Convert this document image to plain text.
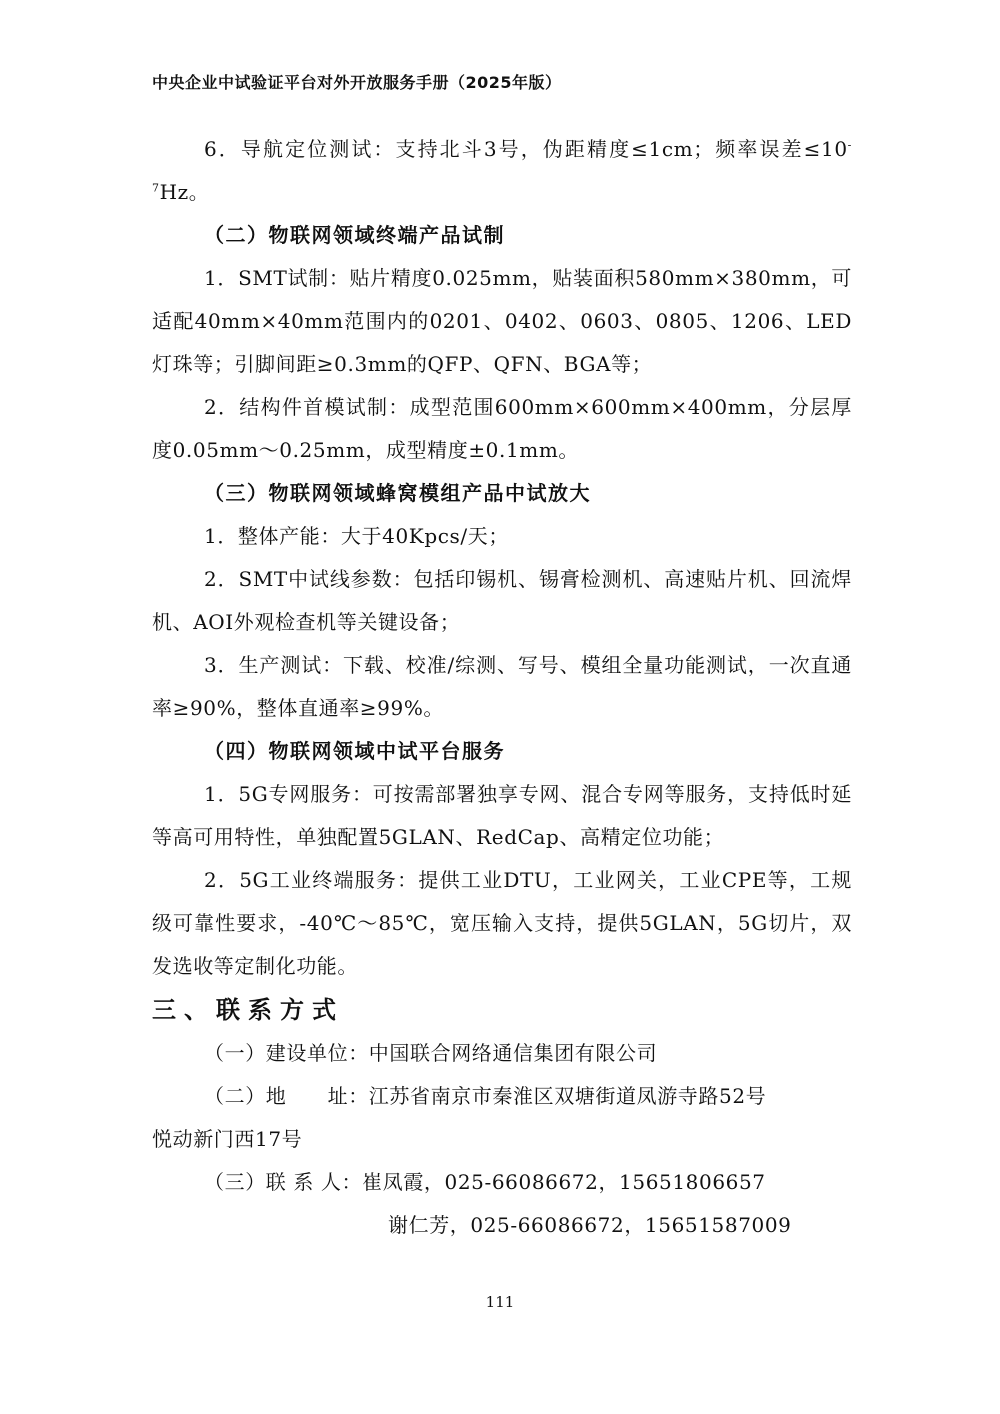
中央企业中试验证平台对外开放服务手册（2025年版）

6．导航定位测试：支持北斗3号，伪距精度≤1cm；频率误差$\le 10^{-7}Hz$。

（二）物联网领域终端产品试制

1．SMT试制：贴片精度0.025mm，贴装面积580mm×380mm，可适配40mm×40mm范围内的0201、0402、0603、0805、1206、LED灯珠等；引脚间距≥0.3mm的QFP、QFN、BGA等；

2．结构件首模试制：成型范围600mm×600mm×400mm，分层厚度0.05mm～0.25mm，成型精度±0.1mm。

（三）物联网领域蜂窝模组产品中试放大

1．整体产能：大于40Kpcs/天；

2．SMT中试线参数：包括印锡机、锡膏检测机、高速贴片机、回流焊机、AOI外观检查机等关键设备；

3．生产测试：下载、校准/综测、写号、模组全量功能测试，一次直通率≥90%，整体直通率≥99%。

（四）物联网领域中试平台服务

1．5G专网服务：可按需部署独享专网、混合专网等服务，支持低时延等高可用特性，单独配置5GLAN、RedCap、高精定位功能；

2．5G工业终端服务：提供工业DTU，工业网关，工业CPE等，工规级可靠性要求，-40℃～85℃，宽压输入支持，提供5GLAN，5G切片，双发选收等定制化功能。

三、联系方式

（一）建设单位：中国联合网络通信集团有限公司

（二）地　　址：江苏省南京市秦淮区双塘街道凤游寺路52号

悦动新门西17号

（三）联 系 人：崔凤霞，025-66086672，15651806657

谢仁芳，025-66086672，15651587009

111
